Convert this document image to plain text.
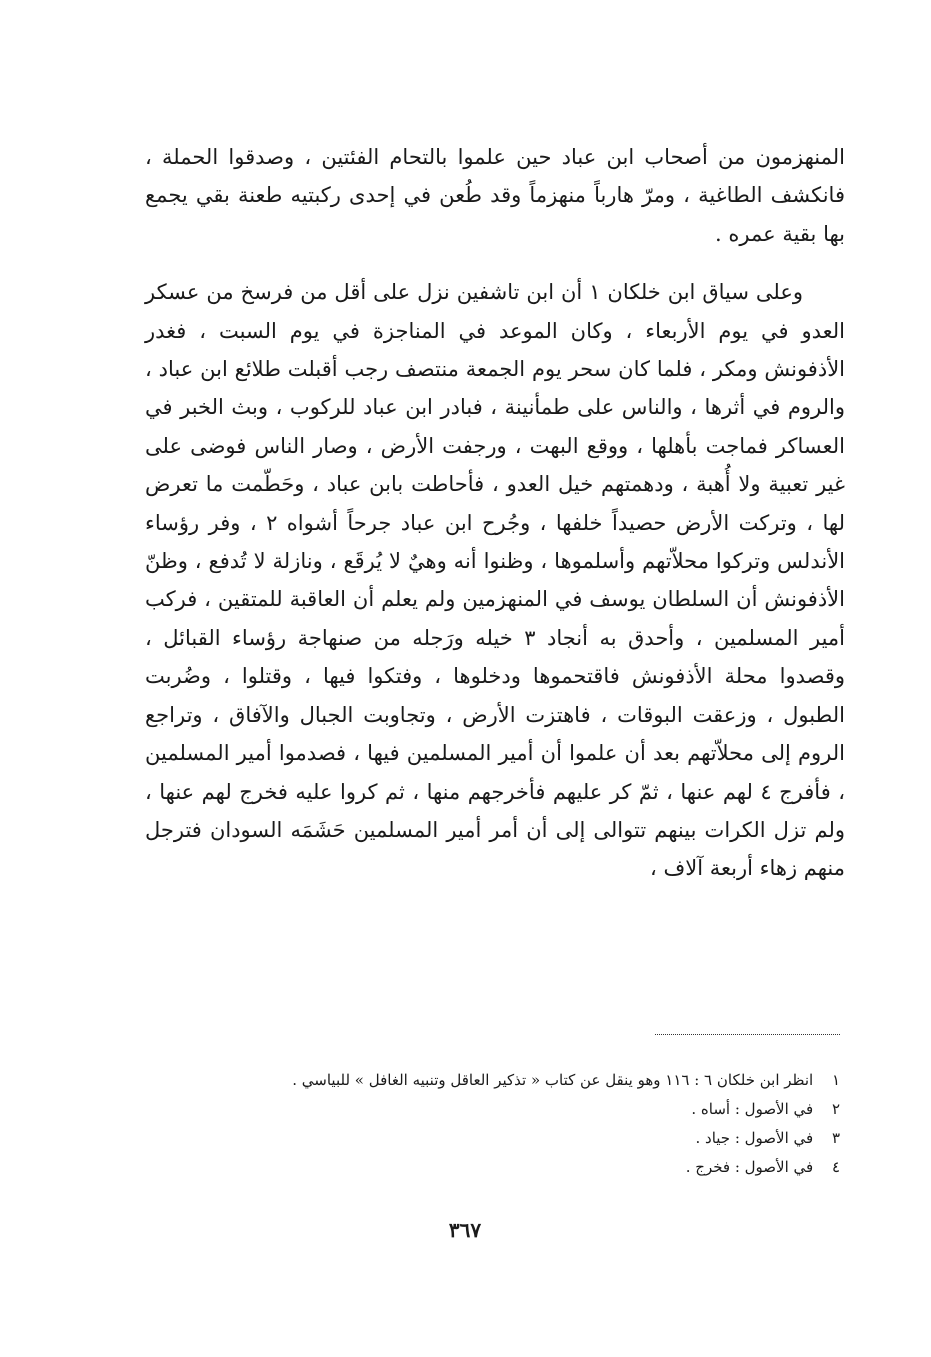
المنهزمون من أصحاب ابن عباد حين علموا بالتحام الفئتين ، وصدقوا الحملة ، فانكشف الطاغية ، ومرّ هارباً منهزماً وقد طُعن في إحدى ركبتيه طعنة بقي يجمع بها بقية عمره .

وعلى سياق ابن خلكان ١ أن ابن تاشفين نزل على أقل من فرسخ من عسكر العدو في يوم الأربعاء ، وكان الموعد في المناجزة في يوم السبت ، فغدر الأذفونش ومكر ، فلما كان سحر يوم الجمعة منتصف رجب أقبلت طلائع ابن عباد ، والروم في أثرها ، والناس على طمأنينة ، فبادر ابن عباد للركوب ، وبث الخبر في العساكر فماجت بأهلها ، ووقع البهت ، ورجفت الأرض ، وصار الناس فوضى على غير تعبية ولا أُهبة ، ودهمتهم خيل العدو ، فأحاطت بابن عباد ، وحَطّمت ما تعرض لها ، وتركت الأرض حصيداً خلفها ، وجُرح ابن عباد جرحاً أشواه ٢ ، وفر رؤساء الأندلس وتركوا محلاّتهم وأسلموها ، وظنوا أنه وهيٌ لا يُرقَع ، ونازلة لا تُدفع ، وظنّ الأذفونش أن السلطان يوسف في المنهزمين ولم يعلم أن العاقبة للمتقين ، فركب أمير المسلمين ، وأحدق به أنجاد ٣ خيله ورَجله من صنهاجة رؤساء القبائل ، وقصدوا محلة الأذفونش فاقتحموها ودخلوها ، وفتكوا فيها ، وقتلوا ، وضُربت الطبول ، وزعقت البوقات ، فاهتزت الأرض ، وتجاوبت الجبال والآفاق ، وتراجع الروم إلى محلاّتهم بعد أن علموا أن أمير المسلمين فيها ، فصدموا أمير المسلمين ، فأفرج ٤ لهم عنها ، ثمّ كر عليهم فأخرجهم منها ، ثم كروا عليه فخرج لهم عنها ، ولم تزل الكرات بينهم تتوالى إلى أن أمر أمير المسلمين حَشَمَه السودان فترجل منهم زهاء أربعة آلاف ،

١ انظر ابن خلكان ٦ : ١١٦ وهو ينقل عن كتاب « تذكير العاقل وتنبيه الغافل » للبياسي .
٢ في الأصول : أساه .
٣ في الأصول : جياد .
٤ في الأصول : فخرج .
٣٦٧
